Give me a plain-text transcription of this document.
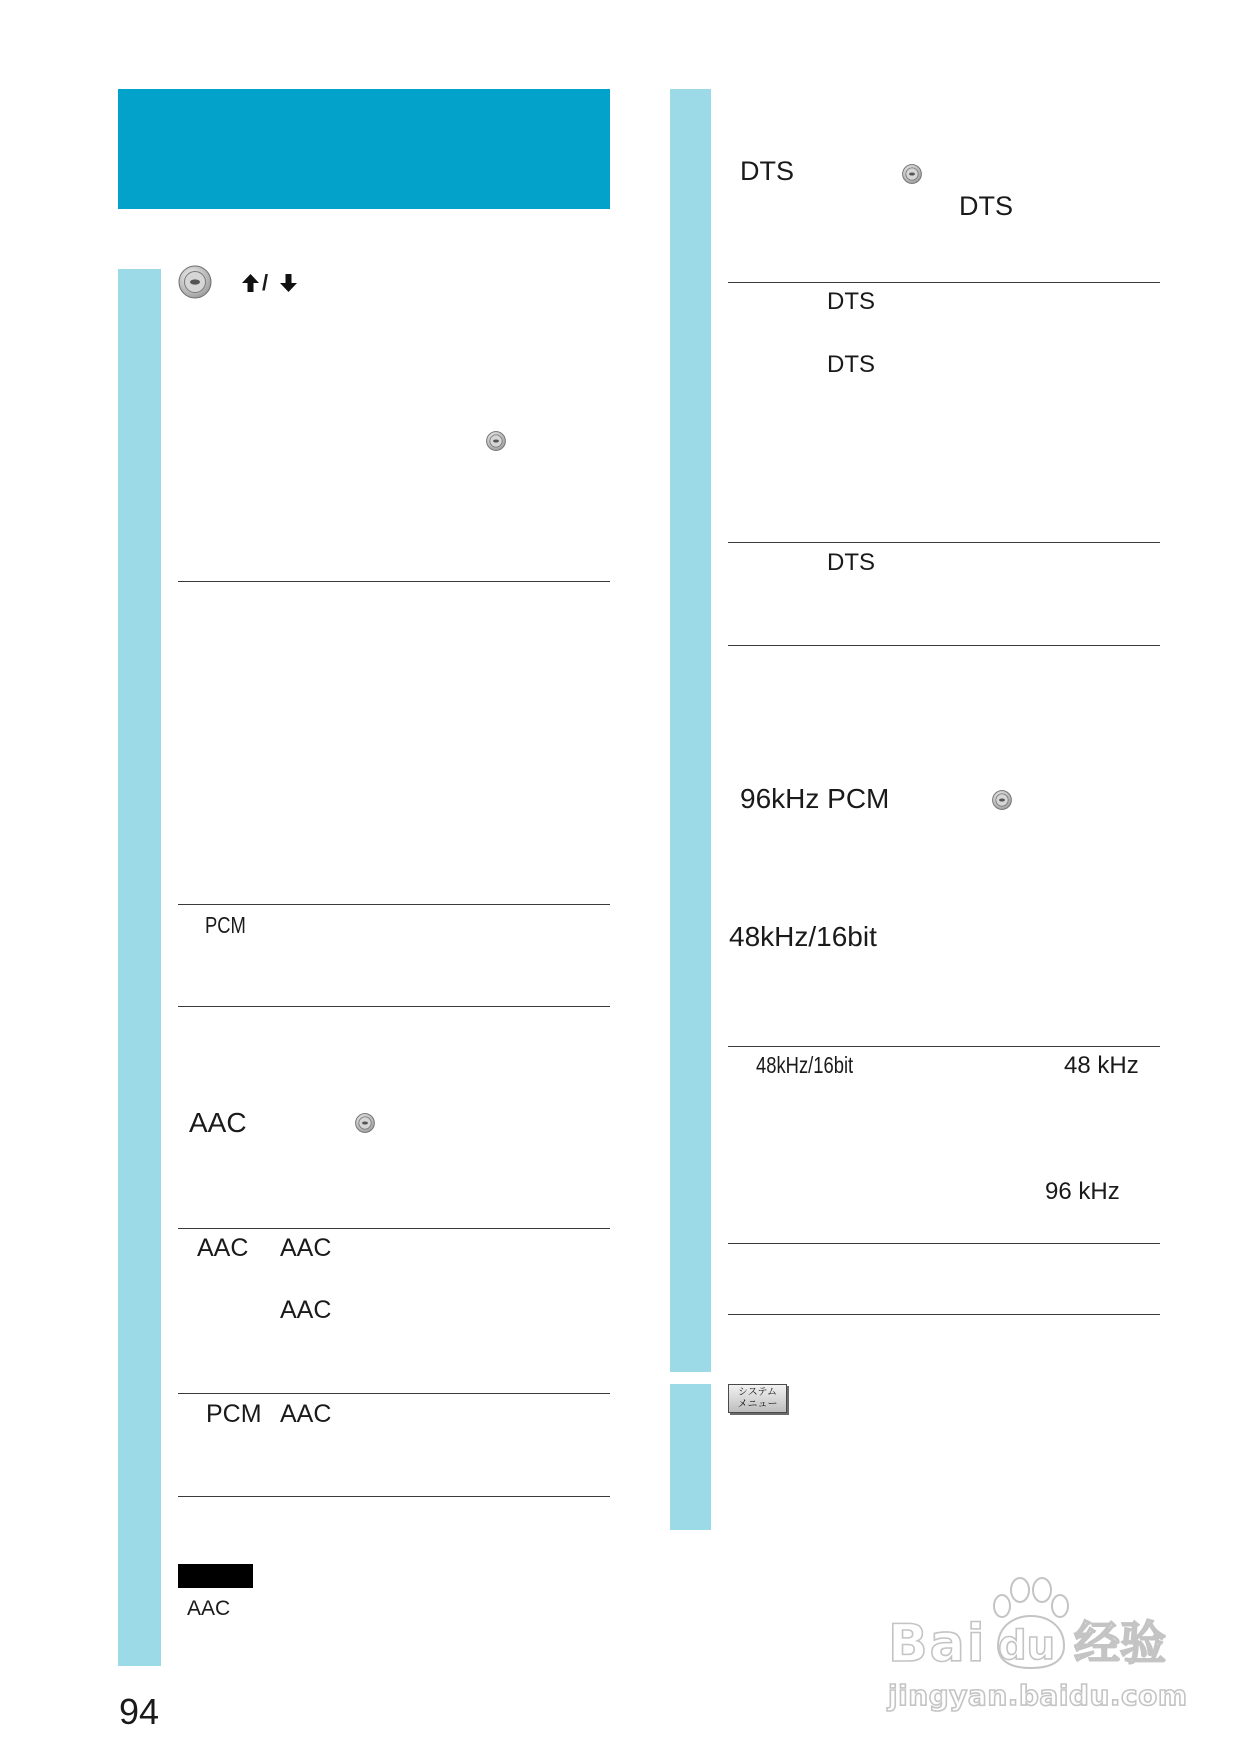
/
PCM
AAC
AAC AAC
AAC
PCM AAC
AAC
94
DTS
DTS
DTS
DTS
DTS
96kHz PCM
48kHz/16bit
48kHz/16bit	48 kHz
96 kHz
システム
メニュー
Bai du 经验
jingyan.baidu.com
